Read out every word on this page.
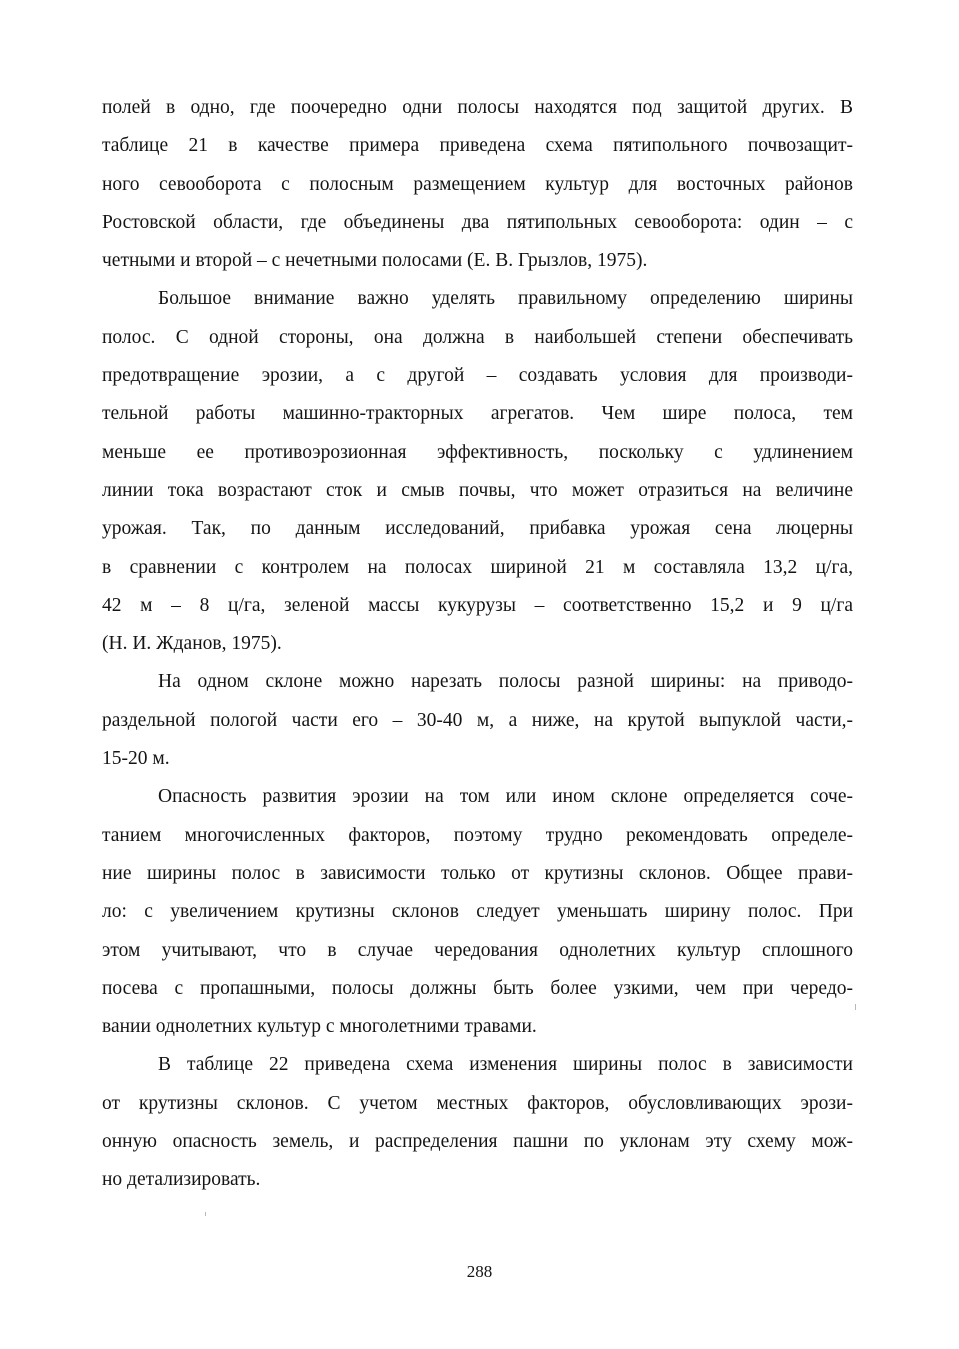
полей в одно, где поочередно одни полосы находятся под защитой других. В
таблице 21 в качестве примера приведена схема пятипольного почвозащит-
ного севооборота с полосным размещением культур для восточных районов
Ростовской области, где объединены два пятипольных севооборота: один – с
четными и второй – с нечетными полосами (Е. В. Грызлов, 1975).
Большое внимание важно уделять правильному определению ширины
полос. С одной стороны, она должна в наибольшей степени обеспечивать
предотвращение эрозии, а с другой – создавать условия для производи-
тельной работы машинно-тракторных агрегатов. Чем шире полоса, тем
меньше ее противоэрозионная эффективность, поскольку с удлинением
линии тока возрастают сток и смыв почвы, что может отразиться на величине
урожая. Так, по данным исследований, прибавка урожая сена люцерны
в сравнении с контролем на полосах шириной 21 м составляла 13,2 ц/га,
42 м – 8 ц/га, зеленой массы кукурузы – соответственно 15,2 и 9 ц/га
(Н. И. Жданов, 1975).
На одном склоне можно нарезать полосы разной ширины: на приводо-
раздельной пологой части его – 30-40 м, а ниже, на крутой выпуклой части,-
15-20 м.
Опасность развития эрозии на том или ином склоне определяется соче-
танием многочисленных факторов, поэтому трудно рекомендовать определе-
ние ширины полос в зависимости только от крутизны склонов. Общее прави-
ло: с увеличением крутизны склонов следует уменьшать ширину полос. При
этом учитывают, что в случае чередования однолетних культур сплошного
посева с пропашными, полосы должны быть более узкими, чем при чередо-
вании однолетних культур с многолетними травами.
В таблице 22 приведена схема изменения ширины полос в зависимости
от крутизны склонов. С учетом местных факторов, обусловливающих эрози-
онную опасность земель, и распределения пашни по уклонам эту схему мож-
но детализировать.
288
